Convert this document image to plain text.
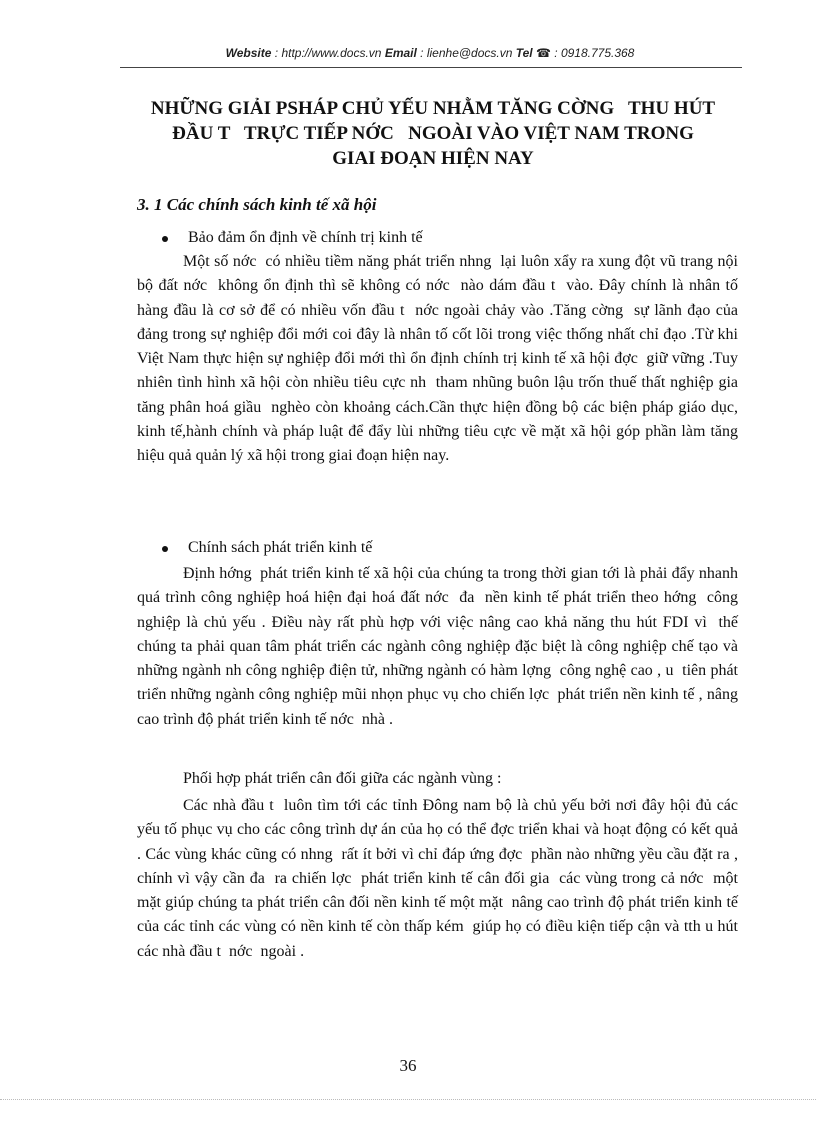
Website : http://www.docs.vn Email : lienhe@docs.vn Tel ☎ : 0918.775.368
NHỮNG GIẢI PSHÁP CHỦ YẾU NHẰM TĂNG CỜNG   THU HÚT
ĐẦU T   TRỰC TIẾP NỚC   NGOÀI VÀO VIỆT NAM TRONG
GIAI ĐOẠN HIỆN NAY
3. 1 Các chính sách kinh tế xã hội
Bảo đảm ổn định về chính trị kinh tế

Một số nớc  có nhiều tiềm năng phát triển nhng  lại luôn xẩy ra xung đột vũ trang nội bộ đất nớc  không ổn định thì sẽ không có nớc  nào dám đầu t  vào. Đây chính là nhân tố hàng đầu là cơ sở để có nhiều vốn đầu t  nớc ngoài chảy vào .Tăng cờng  sự lãnh đạo của đảng trong sự nghiệp đổi mới coi đây là nhân tố cốt lõi trong việc thống nhất chỉ đạo .Từ khi Việt Nam thực hiện sự nghiệp đổi mới thì ổn định chính trị kinh tế xã hội đợc  giữ vững .Tuy nhiên tình hình xã hội còn nhiều tiêu cực nh  tham nhũng buôn lậu trốn thuế thất nghiệp gia tăng phân hoá giầu  nghèo còn khoảng cách.Cần thực hiện đồng bộ các biện pháp giáo dục, kinh tế,hành chính và pháp luật để đẩy lùi những tiêu cực về mặt xã hội góp phần làm tăng hiệu quả quản lý xã hội trong giai đoạn hiện nay.

Chính sách phát triển kinh tế

Định hớng  phát triển kinh tế xã hội của chúng ta trong thời gian tới là phải đẩy nhanh quá trình công nghiệp hoá hiện đại hoá đất nớc  đa  nền kinh tế phát triển theo hớng  công nghiệp là chủ yếu . Điều này rất phù hợp với việc nâng cao khả năng thu hút FDI vì  thế chúng ta phải quan tâm phát triển các ngành công nghiệp đặc biệt là công nghiệp chế tạo và những ngành nh công nghiệp điện tử, những ngành có hàm lợng  công nghệ cao , u  tiên phát triển những ngành công nghiệp mũi nhọn phục vụ cho chiến lợc  phát triển nền kinh tế , nâng cao trình độ phát triển kinh tế nớc  nhà .

Phối hợp phát triển cân đối giữa các ngành vùng :

Các nhà đầu t  luôn tìm tới các tỉnh Đông nam bộ là chủ yếu bởi nơi đây hội đủ các yếu tố phục vụ cho các công trình dự án của họ có thể đợc triển khai và hoạt động có kết quả . Các vùng khác cũng có nhng  rất ít bởi vì chỉ đáp ứng đợc  phần nào những yều cầu đặt ra , chính vì vậy cần đa  ra chiến lợc  phát triển kinh tế cân đối gia  các vùng trong cả nớc  một mặt giúp chúng ta phát triển cân đối nền kinh tế một mặt  nâng cao trình độ phát triển kinh tế của các tỉnh các vùng có nền kinh tế còn thấp kém  giúp họ có điều kiện tiếp cận và tth u hút các nhà đầu t  nớc  ngoài .

36
